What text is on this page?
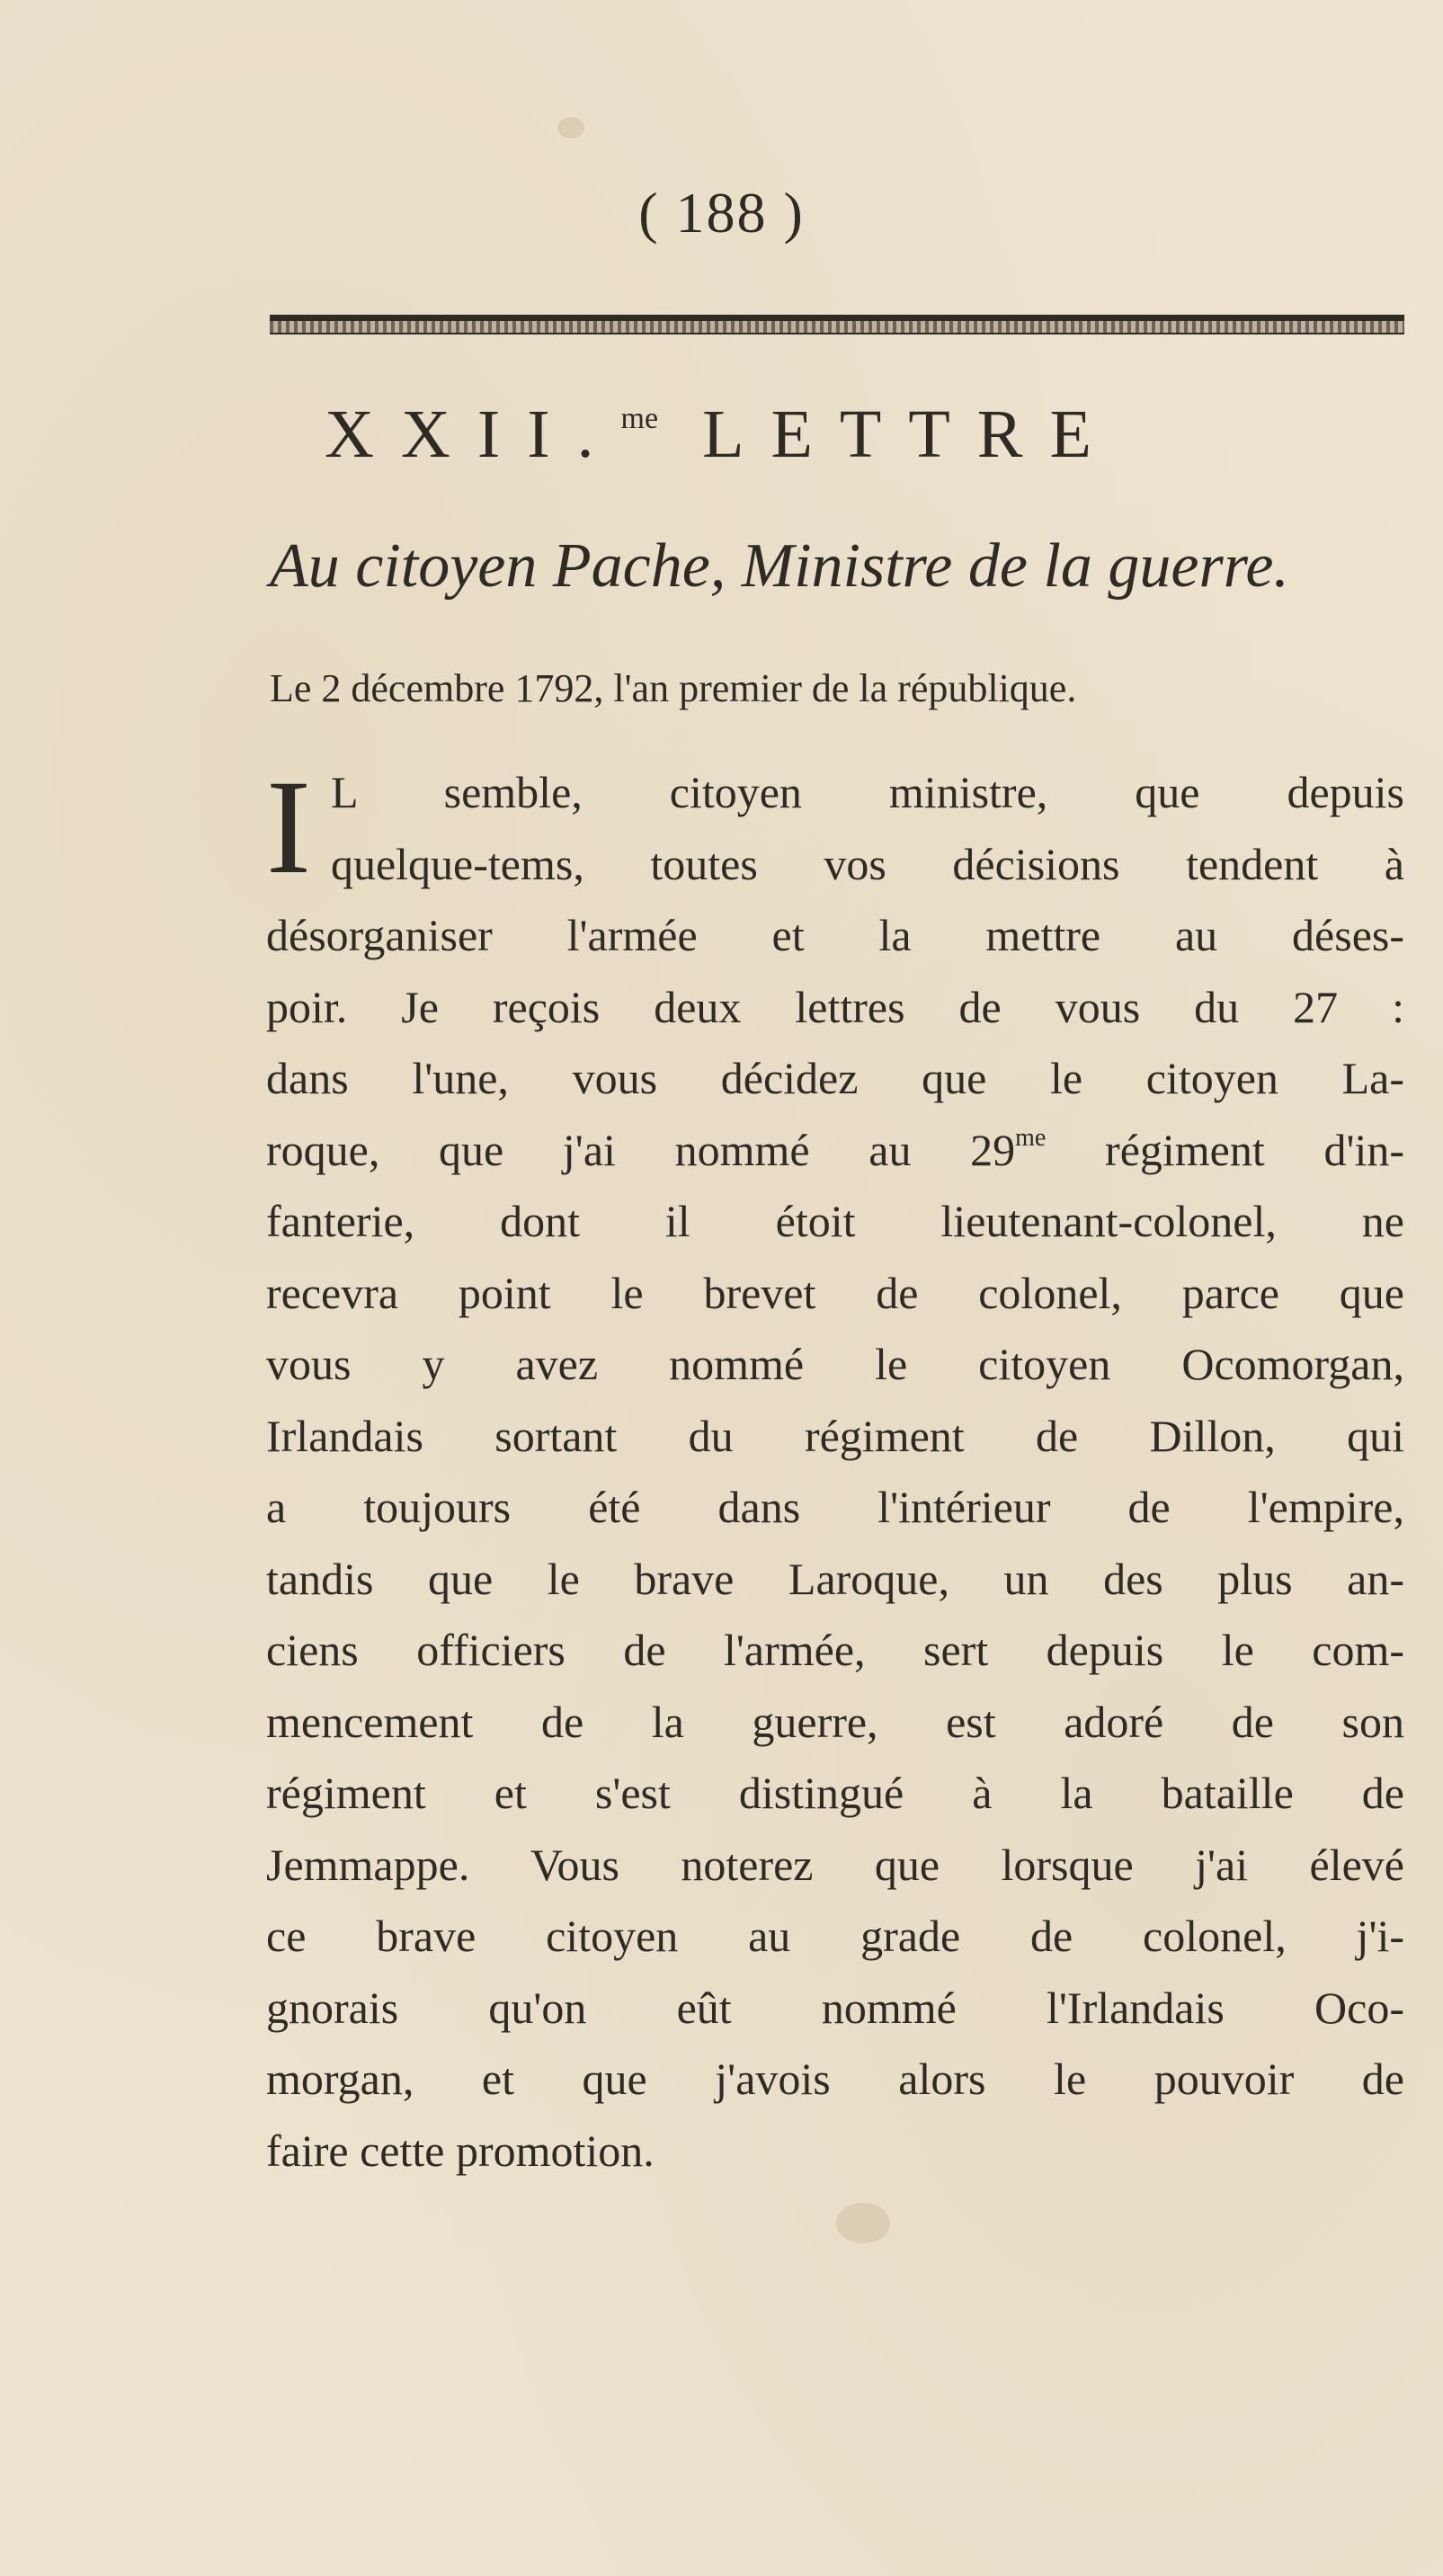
( 188 )
XXII.$^{me}$ LETTRE
Au citoyen Pache, Ministre de la guerre.
Le 2 décembre 1792, l'an premier de la république.
I L semble, citoyen ministre, que depuis
quelque-tems, toutes vos décisions tendent à
désorganiser l'armée et la mettre au déses-
poir. Je reçois deux lettres de vous du 27 :
dans l'une, vous décidez que le citoyen La-
roque, que j'ai nommé au $29^{me}$ régiment d'in-
fanterie, dont il étoit lieutenant-colonel, ne
recevra point le brevet de colonel, parce que
vous y avez nommé le citoyen Ocomorgan,
Irlandais sortant du régiment de Dillon, qui
a toujours été dans l'intérieur de l'empire,
tandis que le brave Laroque, un des plus an-
ciens officiers de l'armée, sert depuis le com-
mencement de la guerre, est adoré de son
régiment et s'est distingué à la bataille de
Jemmappe. Vous noterez que lorsque j'ai élevé
ce brave citoyen au grade de colonel, j'i-
gnorais qu'on eût nommé l'Irlandais Oco-
morgan, et que j'avois alors le pouvoir de
faire cette promotion.
